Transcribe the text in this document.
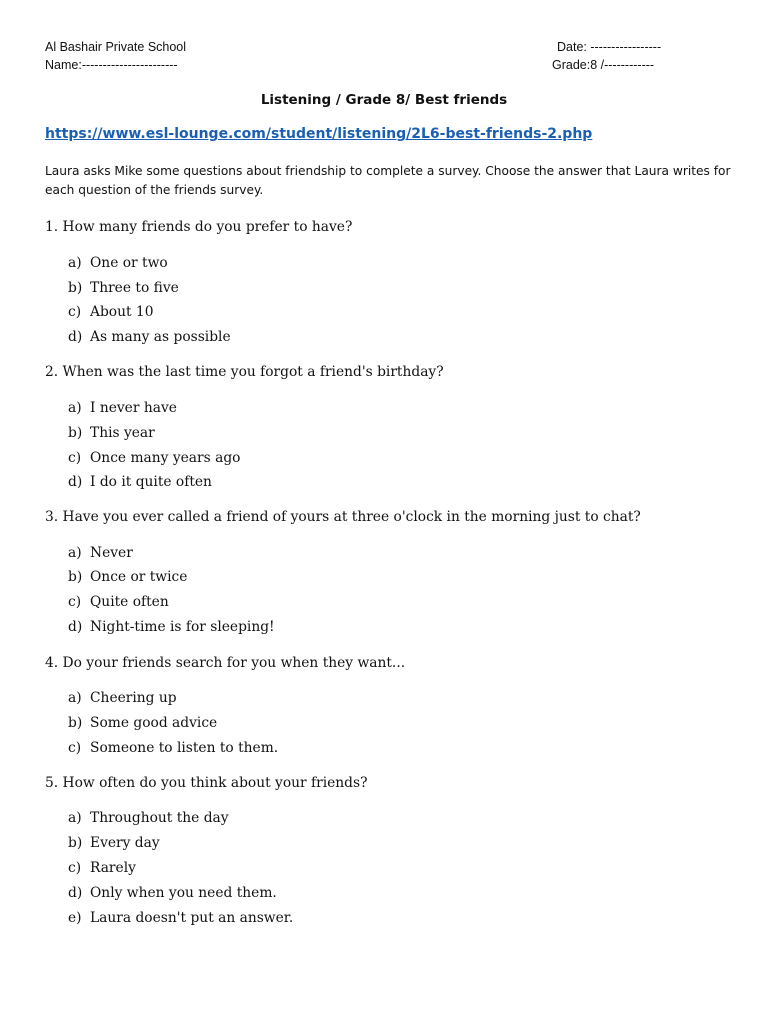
Al Bashair Private School
Name:-----------------------
Date: -----------------
Grade:8 /------------
Listening / Grade 8/ Best friends
https://www.esl-lounge.com/student/listening/2L6-best-friends-2.php
Laura asks Mike some questions about friendship to complete a survey. Choose the answer that Laura writes for each question of the friends survey.
1. How many friends do you prefer to have?
a) One or two
b) Three to five
c) About 10
d) As many as possible
2. When was the last time you forgot a friend's birthday?
a) I never have
b) This year
c) Once many years ago
d) I do it quite often
3. Have you ever called a friend of yours at three o'clock in the morning just to chat?
a) Never
b) Once or twice
c) Quite often
d) Night-time is for sleeping!
4. Do your friends search for you when they want...
a) Cheering up
b) Some good advice
c) Someone to listen to them.
5. How often do you think about your friends?
a) Throughout the day
b) Every day
c) Rarely
d) Only when you need them.
e) Laura doesn't put an answer.
